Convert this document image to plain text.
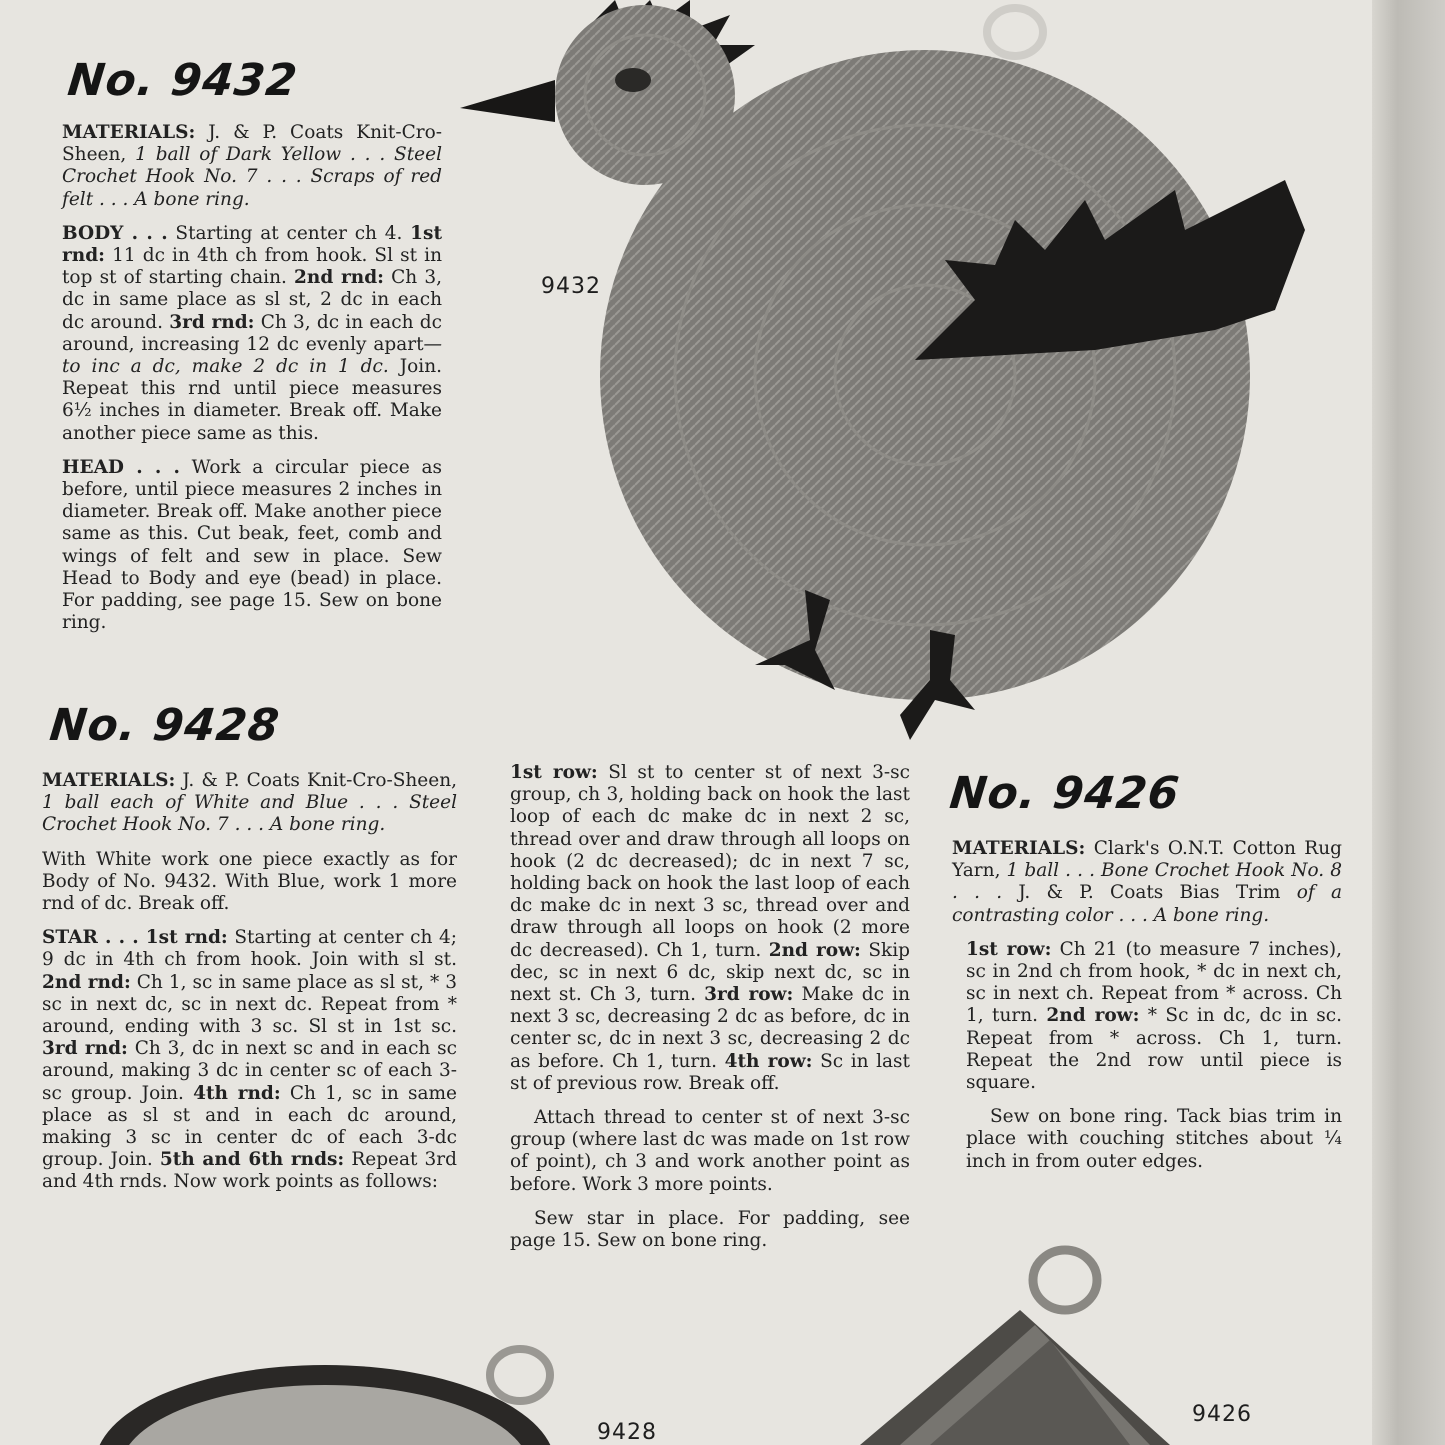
9432
No. 9432

MATERIALS: J. & P. Coats Knit-Cro-Sheen, 1 ball of Dark Yellow . . . Steel Crochet Hook No. 7 . . . Scraps of red felt . . . A bone ring.

BODY . . . Starting at center ch 4. 1st rnd: 11 dc in 4th ch from hook. Sl st in top st of starting chain. 2nd rnd: Ch 3, dc in same place as sl st, 2 dc in each dc around. 3rd rnd: Ch 3, dc in each dc around, increasing 12 dc evenly apart—to inc a dc, make 2 dc in 1 dc. Join. Repeat this rnd until piece measures 6½ inches in diameter. Break off. Make another piece same as this.

HEAD . . . Work a circular piece as before, until piece measures 2 inches in diameter. Break off. Make another piece same as this. Cut beak, feet, comb and wings of felt and sew in place. Sew Head to Body and eye (bead) in place. For padding, see page 15. Sew on bone ring.

No. 9428

MATERIALS: J. & P. Coats Knit-Cro-Sheen, 1 ball each of White and Blue . . . Steel Crochet Hook No. 7 . . . A bone ring.

With White work one piece exactly as for Body of No. 9432. With Blue, work 1 more rnd of dc. Break off.

STAR . . . 1st rnd: Starting at center ch 4; 9 dc in 4th ch from hook. Join with sl st. 2nd rnd: Ch 1, sc in same place as sl st, * 3 sc in next dc, sc in next dc. Repeat from * around, ending with 3 sc. Sl st in 1st sc. 3rd rnd: Ch 3, dc in next sc and in each sc around, making 3 dc in center sc of each 3-sc group. Join. 4th rnd: Ch 1, sc in same place as sl st and in each dc around, making 3 sc in center dc of each 3-dc group. Join. 5th and 6th rnds: Repeat 3rd and 4th rnds. Now work points as follows:

1st row: Sl st to center st of next 3-sc group, ch 3, holding back on hook the last loop of each dc make dc in next 2 sc, thread over and draw through all loops on hook (2 dc decreased); dc in next 7 sc, holding back on hook the last loop of each dc make dc in next 3 sc, thread over and draw through all loops on hook (2 more dc decreased). Ch 1, turn. 2nd row: Skip dec, sc in next 6 dc, skip next dc, sc in next st. Ch 3, turn. 3rd row: Make dc in next 3 sc, decreasing 2 dc as before, dc in center sc, dc in next 3 sc, decreasing 2 dc as before. Ch 1, turn. 4th row: Sc in last st of previous row. Break off.

Attach thread to center st of next 3-sc group (where last dc was made on 1st row of point), ch 3 and work another point as before. Work 3 more points.

Sew star in place. For padding, see page 15. Sew on bone ring.

No. 9426

MATERIALS: Clark's O.N.T. Cotton Rug Yarn, 1 ball . . . Bone Crochet Hook No. 8 . . . J. & P. Coats Bias Trim of a contrasting color . . . A bone ring.

1st row: Ch 21 (to measure 7 inches), sc in 2nd ch from hook, * dc in next ch, sc in next ch. Repeat from * across. Ch 1, turn. 2nd row: * Sc in dc, dc in sc. Repeat from * across. Ch 1, turn. Repeat the 2nd row until piece is square.

Sew on bone ring. Tack bias trim in place with couching stitches about ¼ inch in from outer edges.

9428
9426
